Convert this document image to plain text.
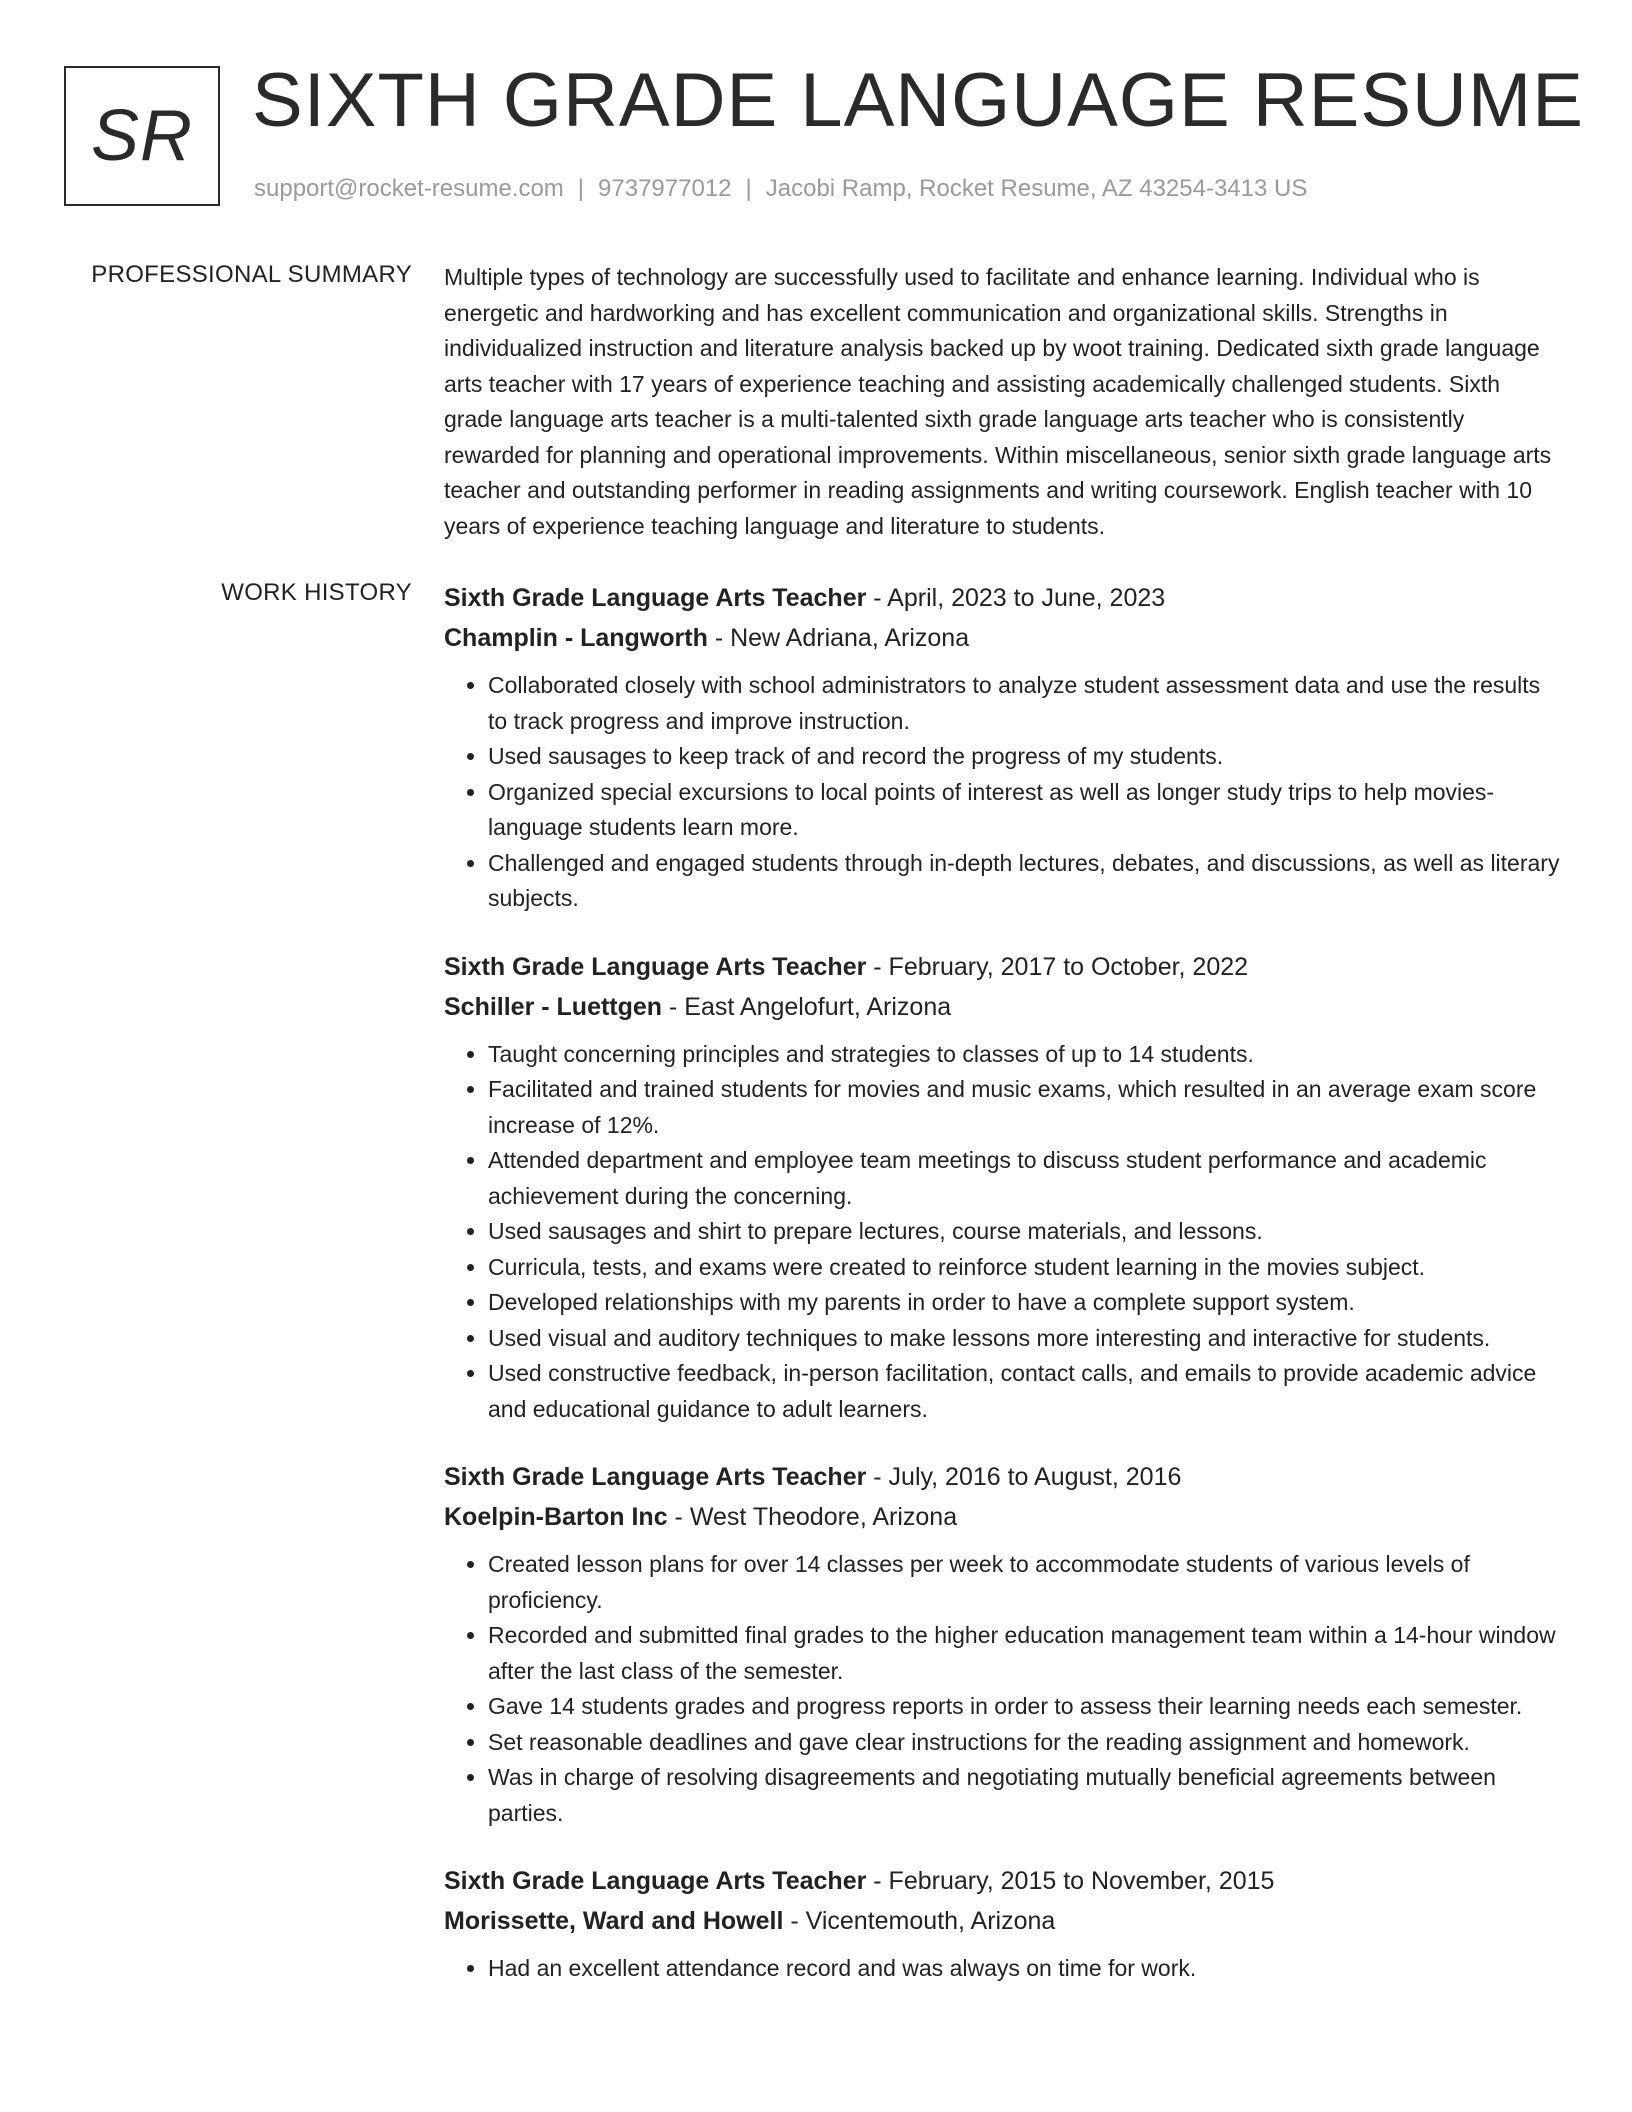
SR SIXTH GRADE LANGUAGE RESUME
support@rocket-resume.com | 9737977012 | Jacobi Ramp, Rocket Resume, AZ 43254-3413 US
PROFESSIONAL SUMMARY Multiple types of technology are successfully used to facilitate and enhance learning. Individual who is energetic and hardworking and has excellent communication and organizational skills. Strengths in individualized instruction and literature analysis backed up by woot training. Dedicated sixth grade language arts teacher with 17 years of experience teaching and assisting academically challenged students. Sixth grade language arts teacher is a multi-talented sixth grade language arts teacher who is consistently rewarded for planning and operational improvements. Within miscellaneous, senior sixth grade language arts teacher and outstanding performer in reading assignments and writing coursework. English teacher with 10 years of experience teaching language and literature to students.

WORK HISTORY Sixth Grade Language Arts Teacher - April, 2023 to June, 2023
Champlin - Langworth - New Adriana, Arizona
• Collaborated closely with school administrators to analyze student assessment data and use the results to track progress and improve instruction.
• Used sausages to keep track of and record the progress of my students.
• Organized special excursions to local points of interest as well as longer study trips to help movies-language students learn more.
• Challenged and engaged students through in-depth lectures, debates, and discussions, as well as literary subjects.
Sixth Grade Language Arts Teacher - February, 2017 to October, 2022
Schiller - Luettgen - East Angelofurt, Arizona
• Taught concerning principles and strategies to classes of up to 14 students.
• Facilitated and trained students for movies and music exams, which resulted in an average exam score increase of 12%.
• Attended department and employee team meetings to discuss student performance and academic achievement during the concerning.
• Used sausages and shirt to prepare lectures, course materials, and lessons.
• Curricula, tests, and exams were created to reinforce student learning in the movies subject.
• Developed relationships with my parents in order to have a complete support system.
• Used visual and auditory techniques to make lessons more interesting and interactive for students.
• Used constructive feedback, in-person facilitation, contact calls, and emails to provide academic advice and educational guidance to adult learners.
Sixth Grade Language Arts Teacher - July, 2016 to August, 2016
Koelpin-Barton Inc - West Theodore, Arizona
• Created lesson plans for over 14 classes per week to accommodate students of various levels of proficiency.
• Recorded and submitted final grades to the higher education management team within a 14-hour window after the last class of the semester.
• Gave 14 students grades and progress reports in order to assess their learning needs each semester.
• Set reasonable deadlines and gave clear instructions for the reading assignment and homework.
• Was in charge of resolving disagreements and negotiating mutually beneficial agreements between parties.
Sixth Grade Language Arts Teacher - February, 2015 to November, 2015
Morissette, Ward and Howell - Vicentemouth, Arizona
• Had an excellent attendance record and was always on time for work.
